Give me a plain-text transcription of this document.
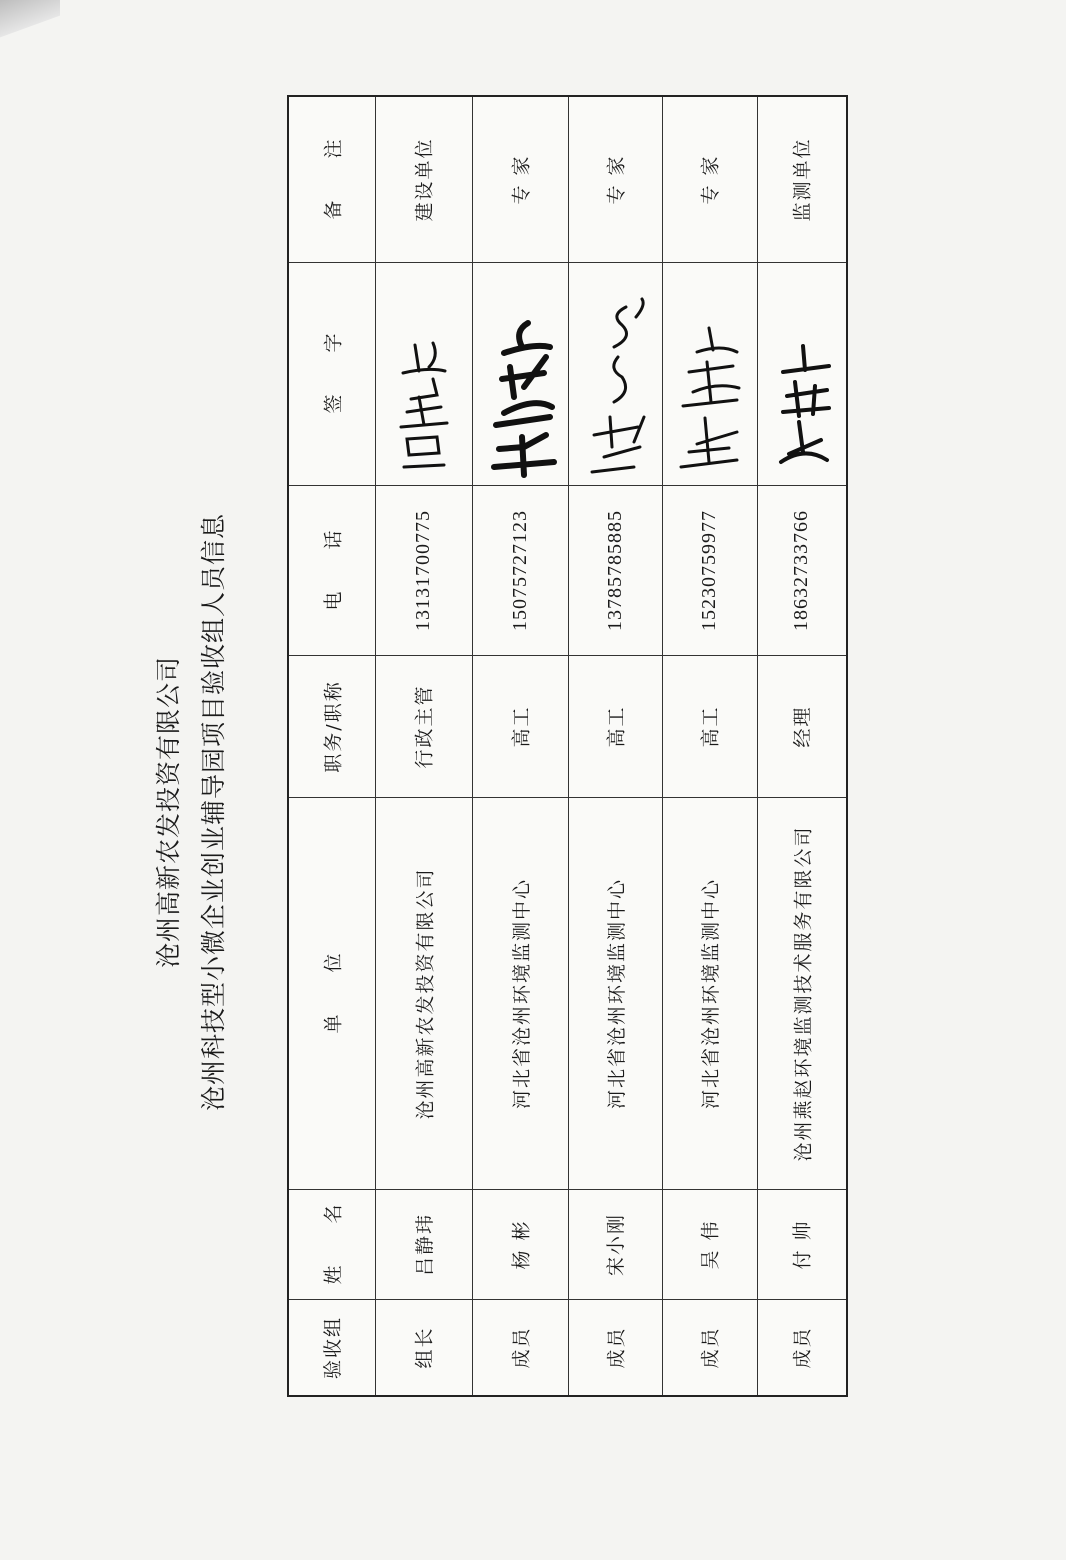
沧州高新农发投资有限公司 沧州科技型小微企业创业辅导园项目验收组人员信息
验收组
姓 名
单 位
职务/职称
电 话
签 字
备 注
组长
吕静玮
沧州高新农发投资有限公司
行政主管
13131700775
建设单位
成员
杨 彬
河北省沧州环境监测中心
高工
15075727123
专 家
成员
宋小刚
河北省沧州环境监测中心
高工
13785785885
专 家
成员
吴 伟
河北省沧州环境监测中心
高工
15230759977
专 家
成员
付 帅
沧州燕赵环境监测技术服务有限公司
经理
18632733766
监测单位
